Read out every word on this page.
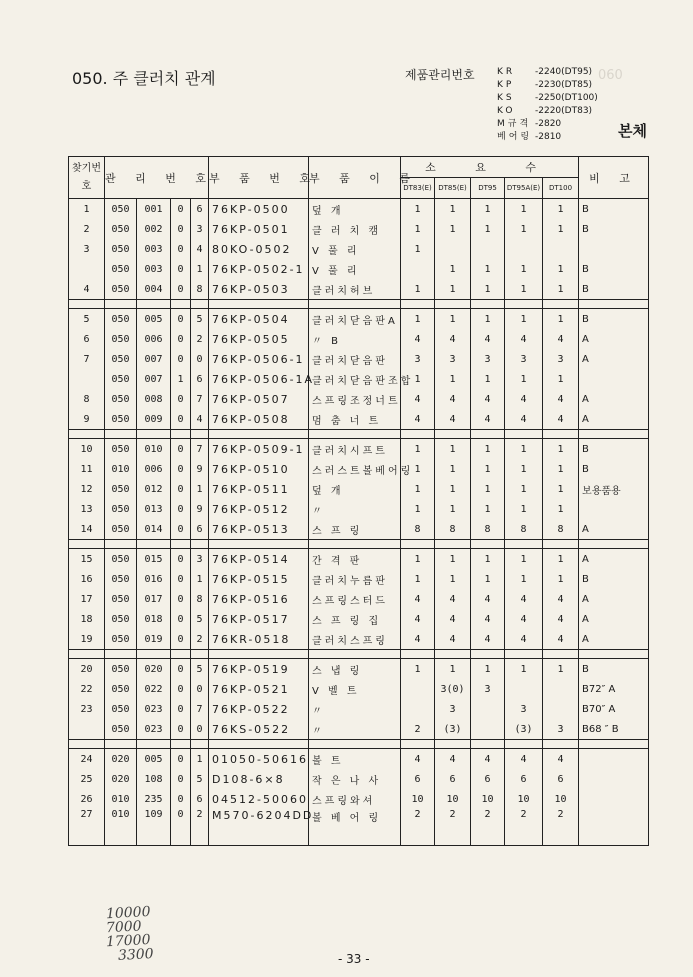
050. 주 클러치 관계	제품관리번호 KR	-2240(DT95)
KP	-2230(DT85)
KS	-2250(DT100)
KO	-2220(DT83)
M규격 -2820
베어링 -2810
060
본체
찾기번호	관 리 번 호				부 품 번 호	부 품 이 름	소 요 수					비 고
							DT83(E)	DT85(E)	DT95	DT95A(E)	DT100	
1	050	001	0	6	76KP-0500	덮 개	1	1	1	1	1	B
2	050	002	0	3	76KP-0501	클 러 치 캠	1	1	1	1	1	B
3	050	003	0	4	80KO-0502	V 풀 리	1					
	050	003	0	1	76KP-0502-1	V 풀 리		1	1	1	1	B
4	050	004	0	8	76KP-0503	클러치허브	1	1	1	1	1	B

5	050	005	0	5	76KP-0504	클러치닫음판A	1	1	1	1	1	B
6	050	006	0	2	76KP-0505	〃 B	4	4	4	4	4	A
7	050	007	0	0	76KP-0506-1	클러치닫음판	3	3	3	3	3	A
	050	007	1	6	76KP-0506-1A	클러치닫음판조합	1	1	1	1	1	
8	050	008	0	7	76KP-0507	스프링조정너트	4	4	4	4	4	A
9	050	009	0	4	76KP-0508	멈 춤 너 트	4	4	4	4	4	A

10	050	010	0	7	76KP-0509-1	클러치시프트	1	1	1	1	1	B
11	010	006	0	9	76KP-0510	스러스트볼베어링	1	1	1	1	1	B
12	050	012	0	1	76KP-0511	덮 개	1	1	1	1	1	보용품용
13	050	013	0	9	76KP-0512	〃	1	1	1	1	1	
14	050	014	0	6	76KP-0513	스 프 링	8	8	8	8	8	A

15	050	015	0	3	76KP-0514	간 격 판	1	1	1	1	1	A
16	050	016	0	1	76KP-0515	클러치누름판	1	1	1	1	1	B
17	050	017	0	8	76KP-0516	스프링스터드	4	4	4	4	4	A
18	050	018	0	5	76KP-0517	스 프 링 집	4	4	4	4	4	A
19	050	019	0	2	76KR-0518	클러치스프링	4	4	4	4	4	A

20	050	020	0	5	76KP-0519	스 냅 링	1	1	1	1	1	B
22	050	022	0	0	76KP-0521	V 벨 트		3(0)	3			B72″ A
23	050	023	0	7	76KP-0522	〃		3		3		B70″ A
	050	023	0	0	76KS-0522	〃	2	(3)		(3)	3	B68 ″ B

24	020	005	0	1	01050-50616	볼 트	4	4	4	4	4	
25	020	108	0	5	D108-6×8	작 은 나 사	6	6	6	6	6	
26	010	235	0	6	04512-50060	스프링와셔	10	10	10	10	10	
27	010	109	0	2	M570-6204DD	볼 베 어 링	2	2	2	2	2	
10000
7000
17000
3300	- 33 -
